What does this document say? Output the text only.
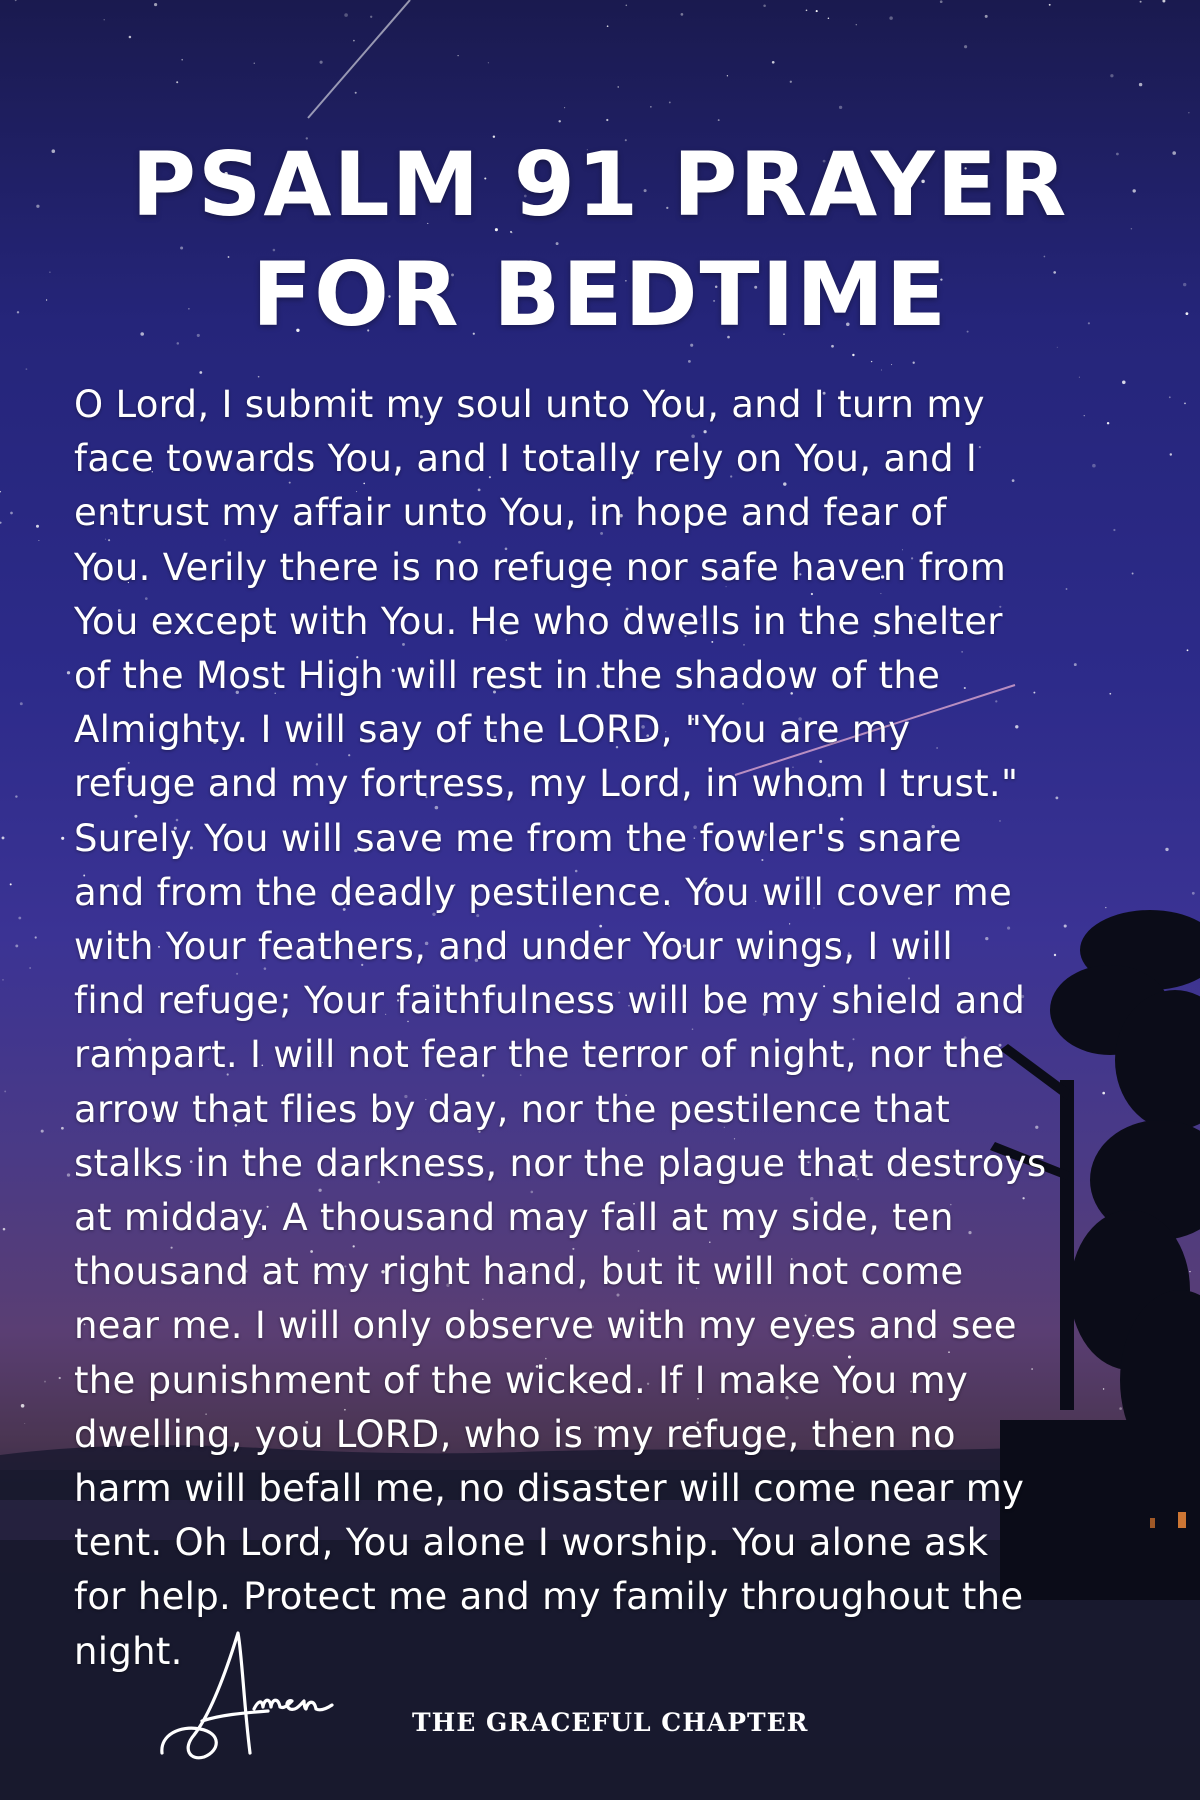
PSALM 91 PRAYER
FOR BEDTIME
O Lord, I submit my soul unto You, and I turn my
face towards You, and I totally rely on You, and I
entrust my affair unto You, in hope and fear of
You. Verily there is no refuge nor safe haven from
You except with You. He who dwells in the shelter
of the Most High will rest in the shadow of the
Almighty. I will say of the LORD, "You are my
refuge and my fortress, my Lord, in whom I trust."
Surely You will save me from the fowler's snare
and from the deadly pestilence. You will cover me
with Your feathers, and under Your wings, I will
find refuge; Your faithfulness will be my shield and
rampart. I will not fear the terror of night, nor the
arrow that flies by day, nor the pestilence that
stalks in the darkness, nor the plague that destroys
at midday. A thousand may fall at my side, ten
thousand at my right hand, but it will not come
near me. I will only observe with my eyes and see
the punishment of the wicked. If I make You my
dwelling, you LORD, who is my refuge, then no
harm will befall me, no disaster will come near my
tent. Oh Lord, You alone I worship. You alone ask
for help. Protect me and my family throughout the
night.
THE GRACEFUL CHAPTER
